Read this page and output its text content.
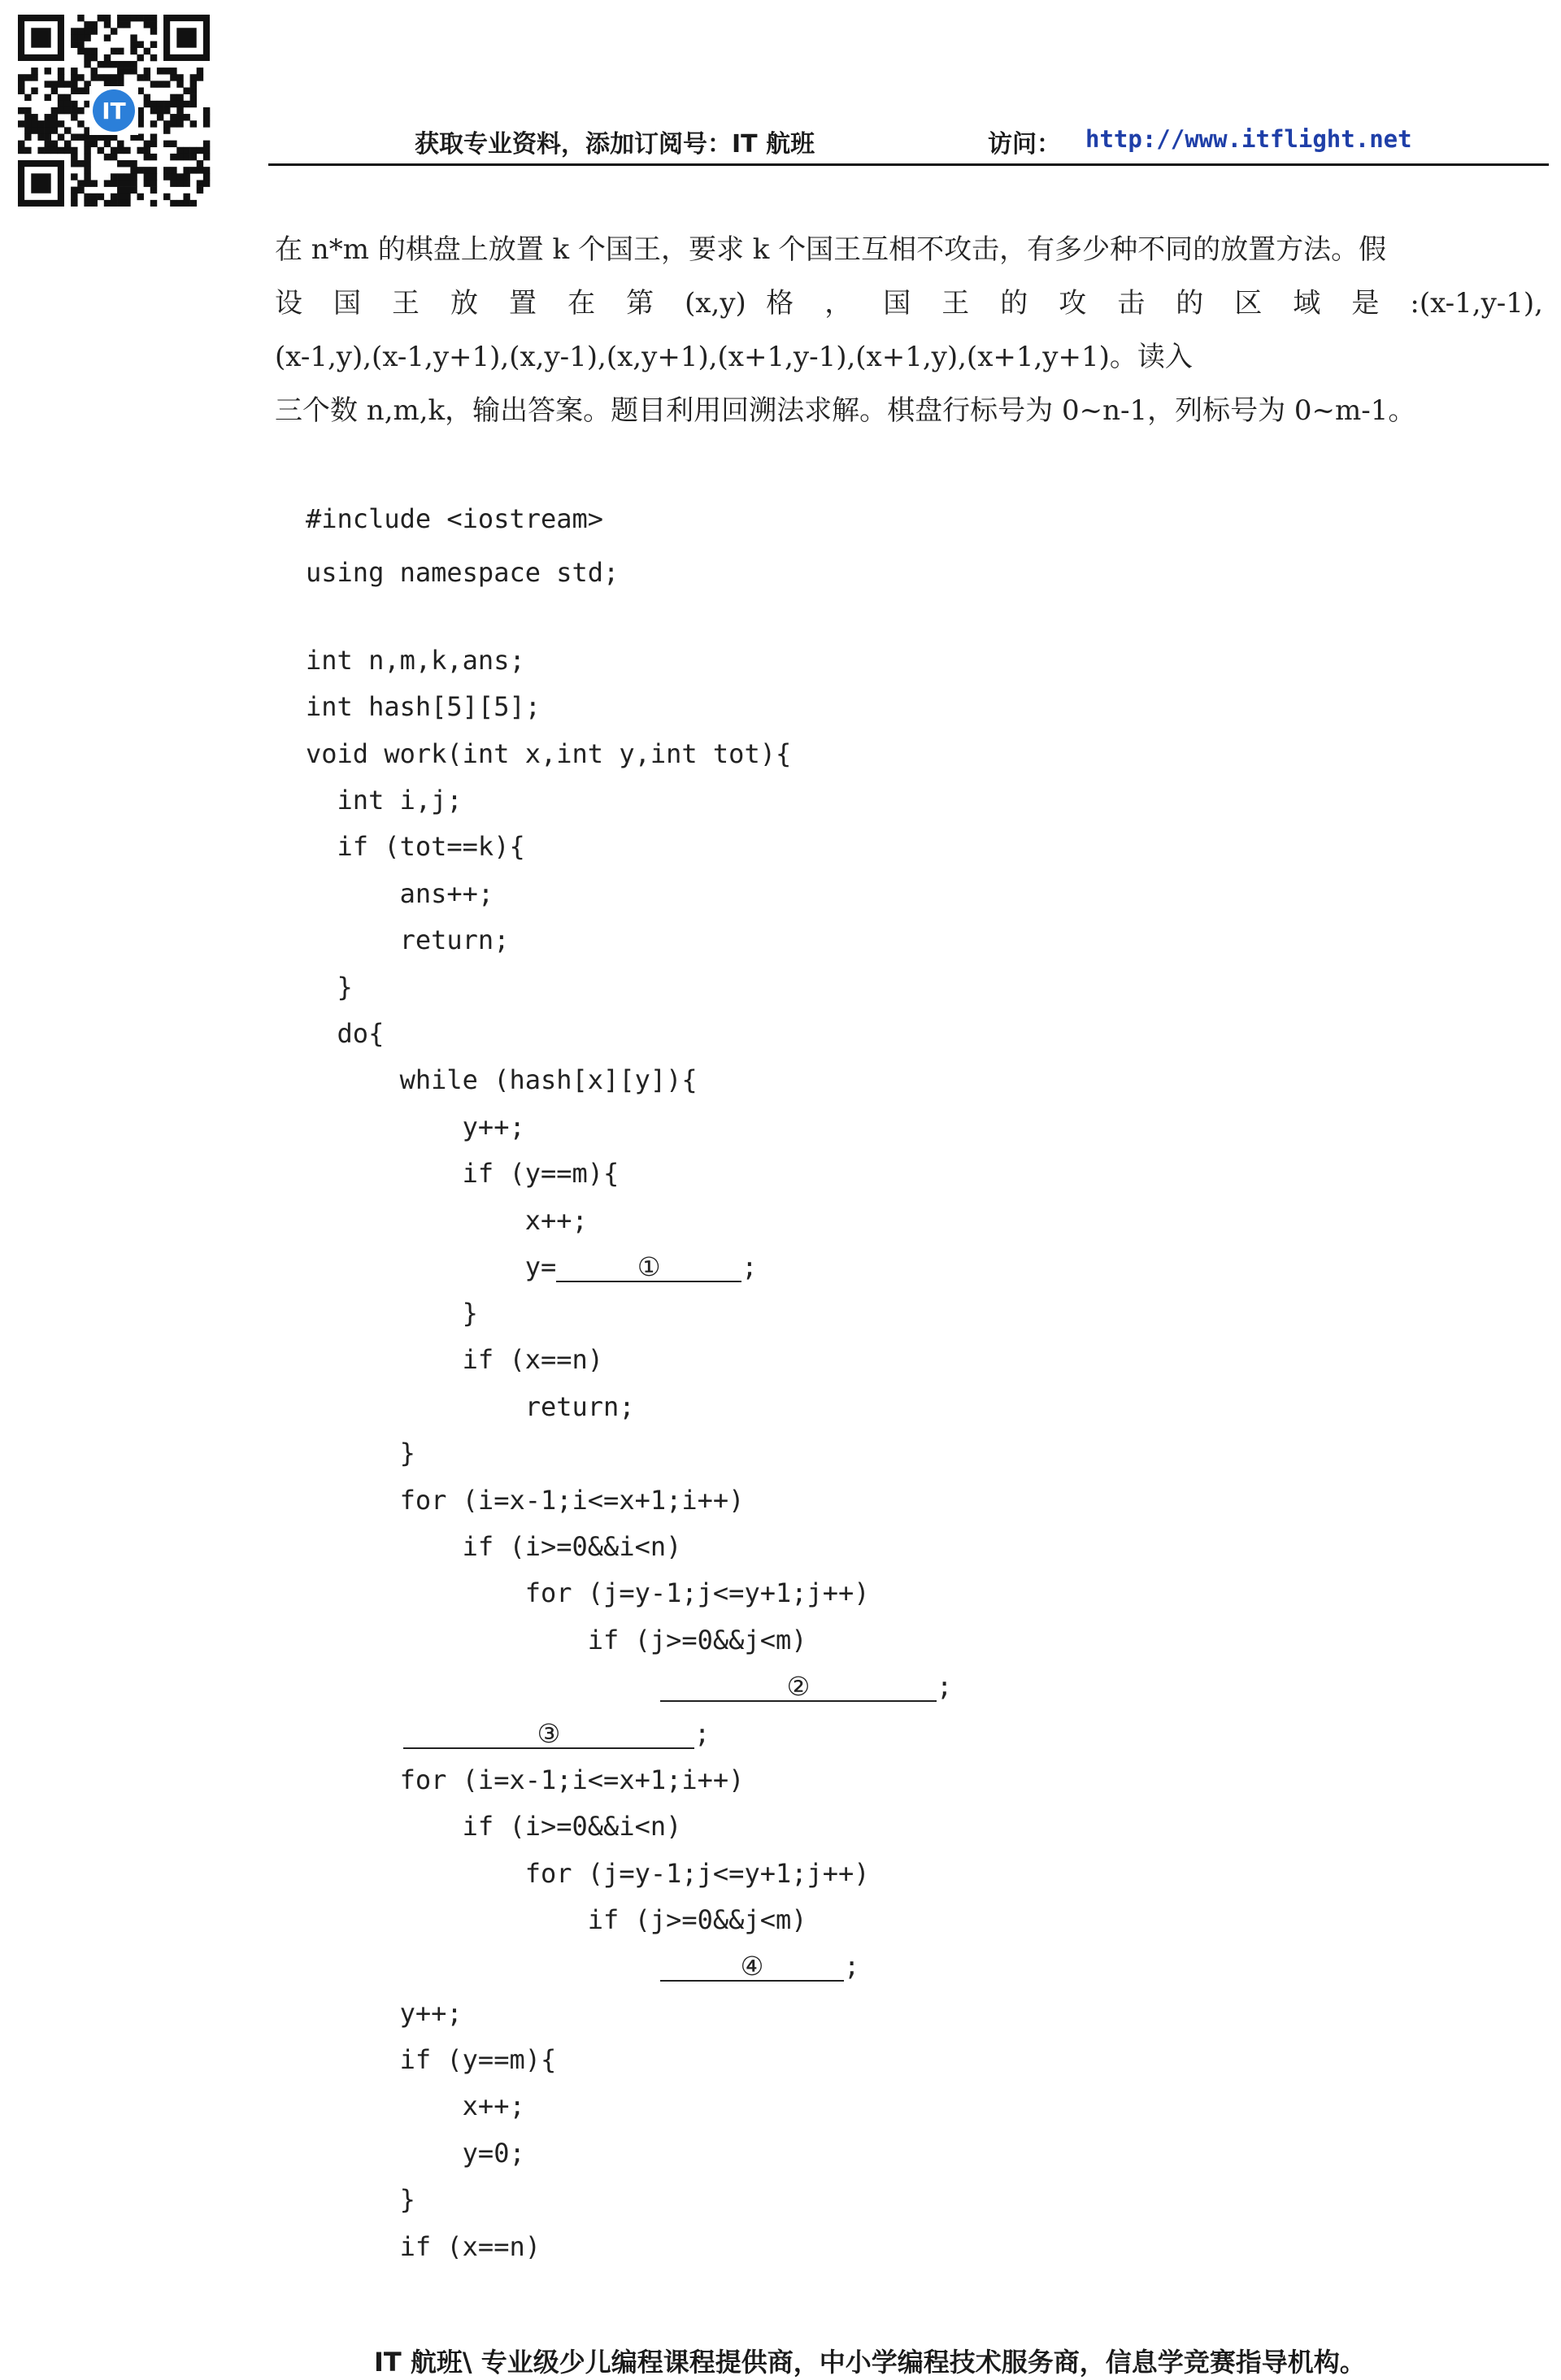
IT
获取专业资料，添加订阅号：IT 航班	访问： http://www.itflight.net
在 n*m 的棋盘上放置 k 个国王，要求 k 个国王互相不攻击，有多少种不同的放置方法。假
设 国 王 放 置 在 第 (x,y) 格 ， 国 王 的 攻 击 的 区 域 是 :(x-1,y-1),
(x-1,y),(x-1,y+1),(x,y-1),(x,y+1),(x+1,y-1),(x+1,y),(x+1,y+1)。读入
三个数 n,m,k，输出答案。题目利用回溯法求解。棋盘行标号为 0~n-1，列标号为 0~m-1。
#include <iostream>
using namespace std;
int n,m,k,ans;
int hash[5][5];
void work(int x,int y,int tot){
int i,j;
if (tot==k){
ans++;
return;
}
do{
while (hash[x][y]){
y++;
if (y==m){
x++;
y=	①	;
}
if (x==n)
return;
}
for (i=x-1;i<=x+1;i++)
if (i>=0&&i<n)
for (j=y-1;j<=y+1;j++)
if (j>=0&&j<m)
②	;
③	;
for (i=x-1;i<=x+1;i++)
if (i>=0&&i<n)
for (j=y-1;j<=y+1;j++)
if (j>=0&&j<m)
④	;
y++;
if (y==m){
x++;
y=0;
}
if (x==n)
IT 航班\ 专业级少儿编程课程提供商，中小学编程技术服务商，信息学竞赛指导机构。
